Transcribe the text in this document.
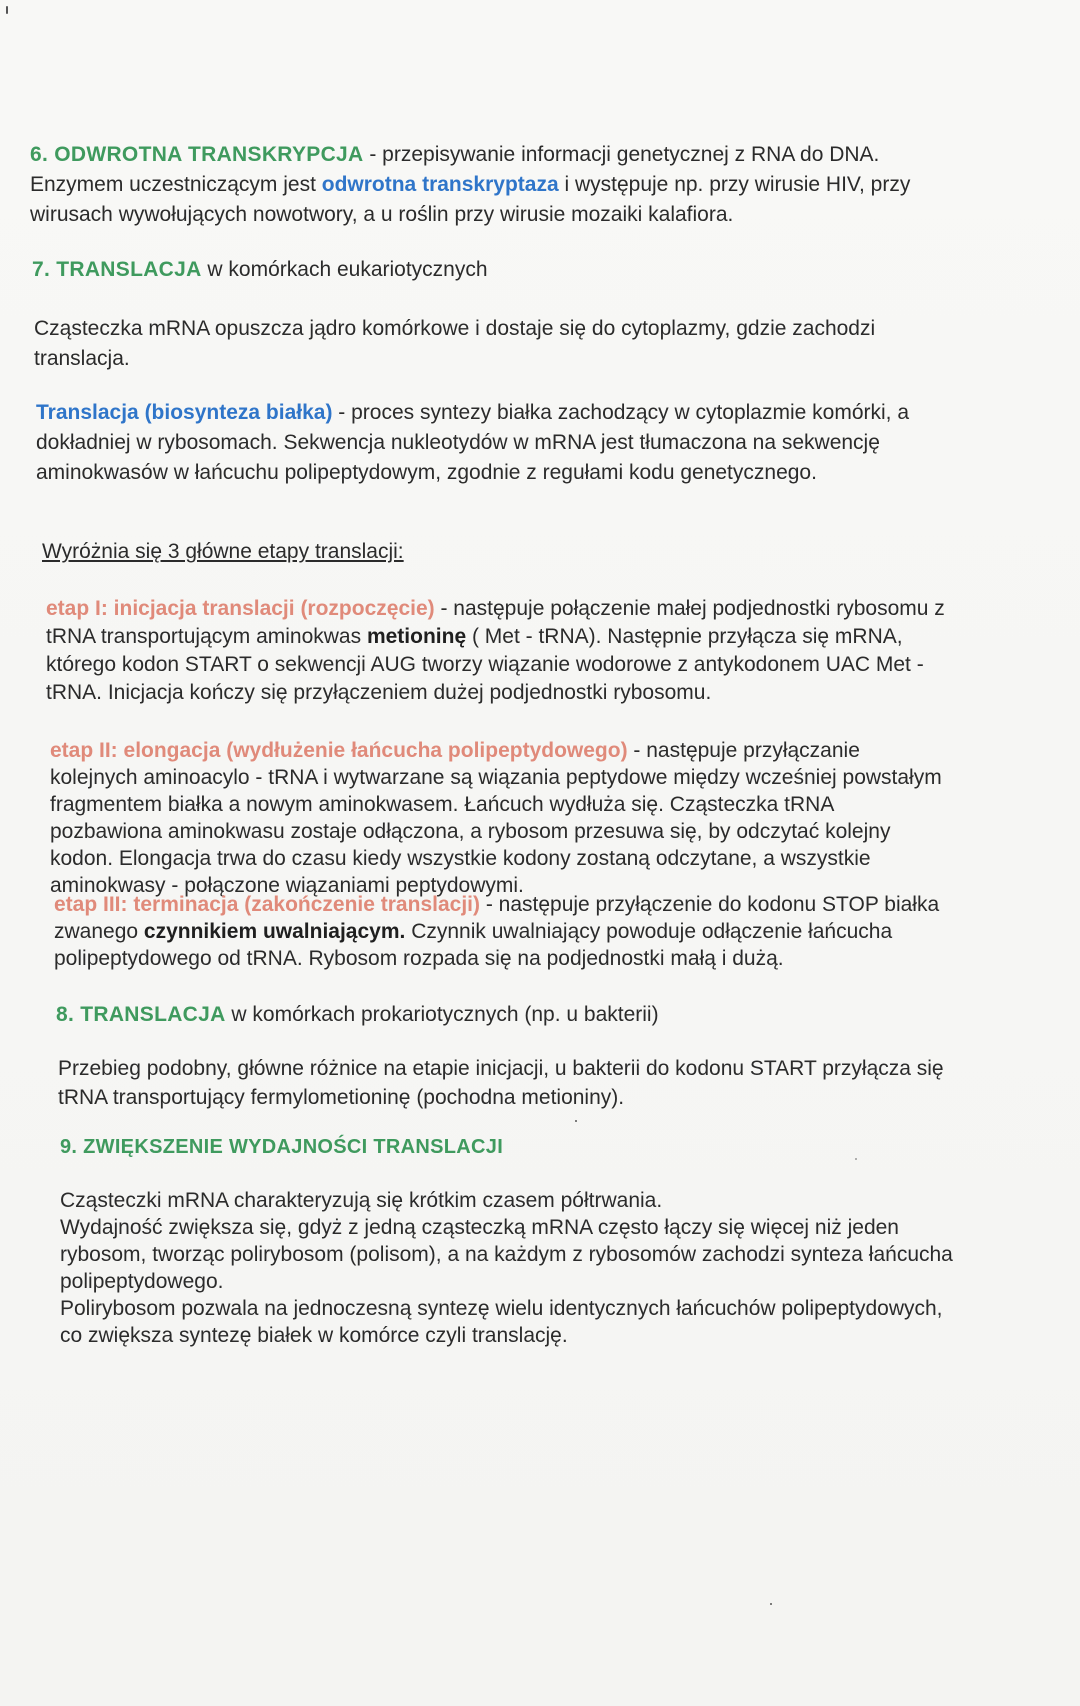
6. ODWROTNA TRANSKRYPCJA - przepisywanie informacji genetycznej z RNA do DNA. Enzymem uczestniczącym jest odwrotna transkryptaza i występuje np. przy wirusie HIV, przy wirusach wywołujących nowotwory, a u roślin przy wirusie mozaiki kalafiora.

7. TRANSLACJA w komórkach eukariotycznych

Cząsteczka mRNA opuszcza jądro komórkowe i dostaje się do cytoplazmy, gdzie zachodzi translacja.

Translacja (biosynteza białka) - proces syntezy białka zachodzący w cytoplazmie komórki, a dokładniej w rybosomach. Sekwencja nukleotydów w mRNA jest tłumaczona na sekwencję aminokwasów w łańcuchu polipeptydowym, zgodnie z regułami kodu genetycznego.

Wyróżnia się 3 główne etapy translacji:

etap I: inicjacja translacji (rozpoczęcie) - następuje połączenie małej podjednostki rybosomu z tRNA transportującym aminokwas metioninę ( Met - tRNA). Następnie przyłącza się mRNA, którego kodon START o sekwencji AUG tworzy wiązanie wodorowe z antykodonem UAC Met - tRNA. Inicjacja kończy się przyłączeniem dużej podjednostki rybosomu.

etap II: elongacja (wydłużenie łańcucha polipeptydowego) - następuje przyłączanie kolejnych aminoacylo - tRNA i wytwarzane są wiązania peptydowe między wcześniej powstałym fragmentem białka a nowym aminokwasem. Łańcuch wydłuża się. Cząsteczka tRNA pozbawiona aminokwasu zostaje odłączona, a rybosom przesuwa się, by odczytać kolejny kodon. Elongacja trwa do czasu kiedy wszystkie kodony zostaną odczytane, a wszystkie aminokwasy - połączone wiązaniami peptydowymi.

etap III: terminacja (zakończenie translacji) - następuje przyłączenie do kodonu STOP białka zwanego czynnikiem uwalniającym. Czynnik uwalniający powoduje odłączenie łańcucha polipeptydowego od tRNA. Rybosom rozpada się na podjednostki małą i dużą.

8. TRANSLACJA w komórkach prokariotycznych (np. u bakterii)

Przebieg podobny, główne różnice na etapie inicjacji, u bakterii do kodonu START przyłącza się tRNA transportujący fermylometioninę (pochodna metioniny).

9. ZWIĘKSZENIE WYDAJNOŚCI TRANSLACJI

Cząsteczki mRNA charakteryzują się krótkim czasem półtrwania.
Wydajność zwiększa się, gdyż z jedną cząsteczką mRNA często łączy się więcej niż jeden rybosom, tworząc polirybosom (polisom), a na każdym z rybosomów zachodzi synteza łańcucha polipeptydowego.
Polirybosom pozwala na jednoczesną syntezę wielu identycznych łańcuchów polipeptydowych, co zwiększa syntezę białek w komórce czyli translację.
